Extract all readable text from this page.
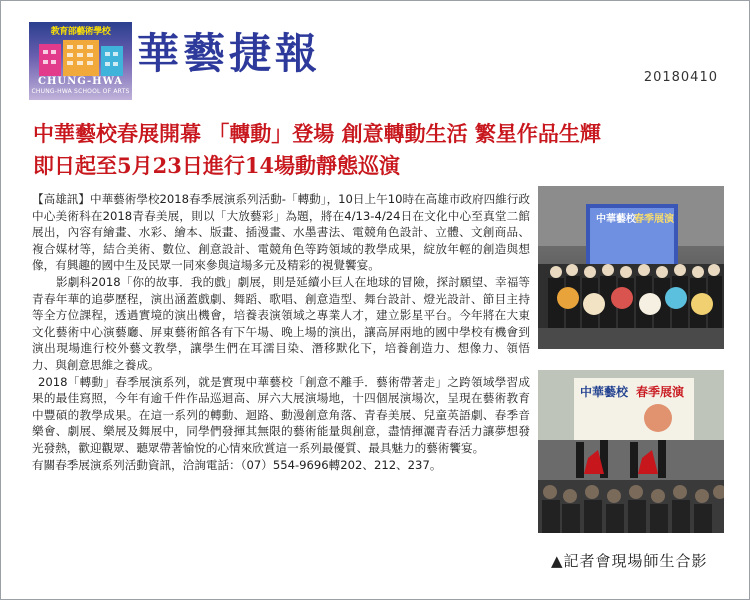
教育部藝術學校
CHUNG-HWA
CHUNG-HWA SCHOOL OF ARTS
華藝捷報	20180410
中華藝校春展開幕 「轉動」登場 創意轉動生活 繁星作品生輝
即日起至5月23日進行14場動靜態巡演

【高雄訊】中華藝術學校2018春季展演系列活動-「轉動」，10日上午10時在高雄市政府四維行政中心美術科在2018青春美展，則以「大放藝彩」為題，將在4/13-4/24日在文化中心至真堂二館展出，內容有繪畫、水彩、繪本、版畫、插漫畫、水墨書法、電競角色設計、立體、文創商品、複合媒材等，結合美術、數位、創意設計、電競角色等跨領域的教學成果，綻放年輕的創造與想像，有興趣的國中生及民眾一同來參與這場多元及精彩的視覺饗宴。

影劇科2018「你的故事．我的戲」劇展，則是延續小巨人在地球的冒險，探討願望、幸福等青春年華的追夢歷程，演出涵蓋戲劇、舞蹈、歌唱、創意造型、舞台設計、燈光設計、節目主持等全方位課程，透過實境的演出機會，培養表演領域之專業人才，建立影星平台。今年將在大東文化藝術中心演藝廳、屏東藝術館各有下午場、晚上場的演出，讓高屏兩地的國中學校有機會到演出現場進行校外藝文教學，讓學生們在耳濡目染、潛移默化下，培養創造力、想像力、領悟力、與創意思維之養成。

2018「轉動」春季展演系列，就是實現中華藝校「創意不離手．藝術帶著走」之跨領域學習成果的最佳寫照，今年有逾千件作品巡迴高、屏六大展演場地，十四個展演場次，呈現在藝術教育中豐碩的教學成果。在這一系列的轉動、迴路、動漫創意角落、青春美展、兒童英語劇、春季音樂會、劇展、樂展及舞展中，同學們發揮其無限的藝術能量與創意，盡情揮灑青春活力讓夢想發光發熱，歡迎觀眾、聽眾帶著愉悅的心情來欣賞這一系列最優質、最具魅力的藝術饗宴。

有關春季展演系列活動資訊，洽詢電話：（07）554-9696轉202、212、237。

中華藝校
春季展演
中華藝校 春季展演
▲記者會現場師生合影
